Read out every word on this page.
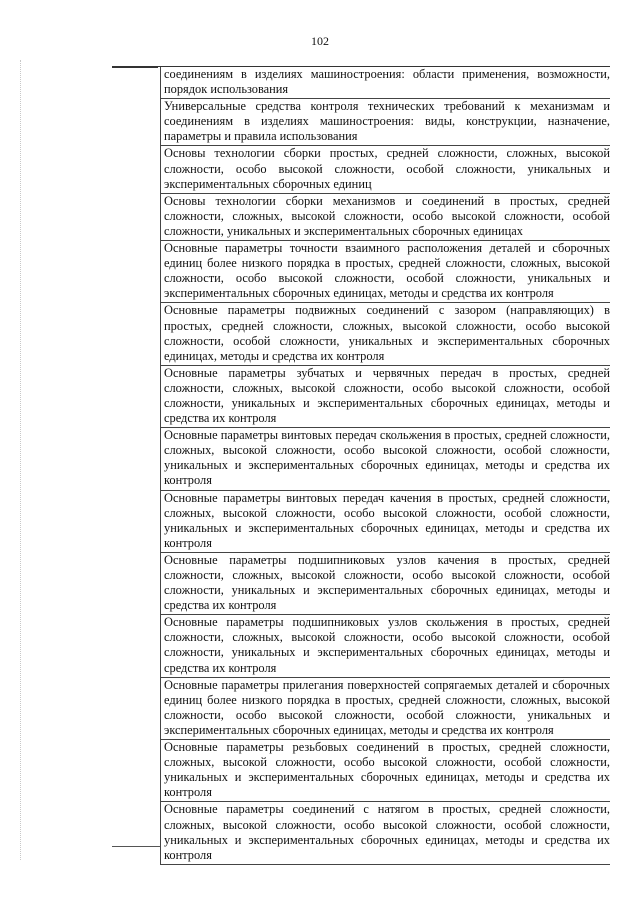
102
соединениям в изделиях машиностроения: области применения, возможности, порядок использования
Универсальные средства контроля технических требований к механизмам и соединениям в изделиях машиностроения: виды, конструкции, назначение, параметры и правила использования
Основы технологии сборки простых, средней сложности, сложных, высокой сложности, особо высокой сложности, особой сложности, уникальных и экспериментальных сборочных единиц
Основы технологии сборки механизмов и соединений в простых, средней сложности, сложных, высокой сложности, особо высокой сложности, особой сложности, уникальных и экспериментальных сборочных единицах
Основные параметры точности взаимного расположения деталей и сборочных единиц более низкого порядка в простых, средней сложности, сложных, высокой сложности, особо высокой сложности, особой сложности, уникальных и экспериментальных сборочных единицах, методы и средства их контроля
Основные параметры подвижных соединений с зазором (направляющих) в простых, средней сложности, сложных, высокой сложности, особо высокой сложности, особой сложности, уникальных и экспериментальных сборочных единицах, методы и средства их контроля
Основные параметры зубчатых и червячных передач в простых, средней сложности, сложных, высокой сложности, особо высокой сложности, особой сложности, уникальных и экспериментальных сборочных единицах, методы и средства их контроля
Основные параметры винтовых передач скольжения в простых, средней сложности, сложных, высокой сложности, особо высокой сложности, особой сложности, уникальных и экспериментальных сборочных единицах, методы и средства их контроля
Основные параметры винтовых передач качения в простых, средней сложности, сложных, высокой сложности, особо высокой сложности, особой сложности, уникальных и экспериментальных сборочных единицах, методы и средства их контроля
Основные параметры подшипниковых узлов качения в простых, средней сложности, сложных, высокой сложности, особо высокой сложности, особой сложности, уникальных и экспериментальных сборочных единицах, методы и средства их контроля
Основные параметры подшипниковых узлов скольжения в простых, средней сложности, сложных, высокой сложности, особо высокой сложности, особой сложности, уникальных и экспериментальных сборочных единицах, методы и средства их контроля
Основные параметры прилегания поверхностей сопрягаемых деталей и сборочных единиц более низкого порядка в простых, средней сложности, сложных, высокой сложности, особо высокой сложности, особой сложности, уникальных и экспериментальных сборочных единицах, методы и средства их контроля
Основные параметры резьбовых соединений в простых, средней сложности, сложных, высокой сложности, особо высокой сложности, особой сложности, уникальных и экспериментальных сборочных единицах, методы и средства их контроля
Основные параметры соединений с натягом в простых, средней сложности, сложных, высокой сложности, особо высокой сложности, особой сложности, уникальных и экспериментальных сборочных единицах, методы и средства их контроля
